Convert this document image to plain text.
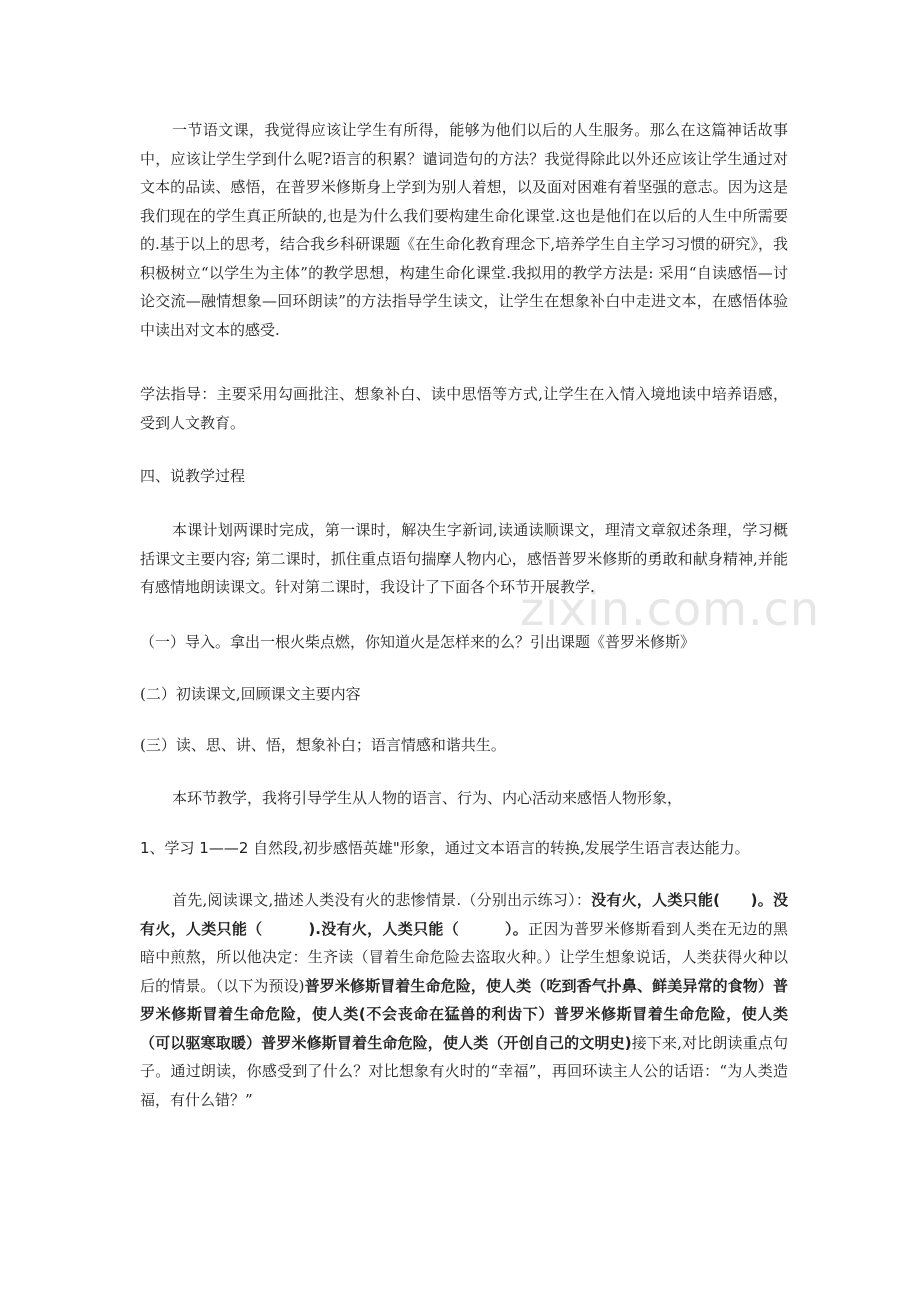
zixin.com.cn

一节语文课，我觉得应该让学生有所得，能够为他们以后的人生服务。那么在这篇神话故事中，应该让学生学到什么呢?语言的积累？谴词造句的方法？我觉得除此以外还应该让学生通过对文本的品读、感悟，在普罗米修斯身上学到为别人着想，以及面对困难有着坚强的意志。因为这是我们现在的学生真正所缺的,也是为什么我们要构建生命化课堂.这也是他们在以后的人生中所需要的.基于以上的思考，结合我乡科研课题《在生命化教育理念下,培养学生自主学习习惯的研究》，我积极树立“以学生为主体”的教学思想，构建生命化课堂.我拟用的教学方法是: 采用“自读感悟—讨论交流—融情想象—回环朗读”的方法指导学生读文，让学生在想象补白中走进文本，在感悟体验中读出对文本的感受.

学法指导：主要采用勾画批注、想象补白、读中思悟等方式,让学生在入情入境地读中培养语感，受到人文教育。

四、说教学过程

本课计划两课时完成，第一课时，解决生字新词,读通读顺课文，理清文章叙述条理，学习概括课文主要内容; 第二课时，抓住重点语句揣摩人物内心，感悟普罗米修斯的勇敢和献身精神,并能有感情地朗读课文。针对第二课时，我设计了下面各个环节开展教学.

（一）导入。拿出一根火柴点燃，你知道火是怎样来的么？引出课题《普罗米修斯》

(二）初读课文,回顾课文主要内容

(三）读、思、讲、悟，想象补白；语言情感和谐共生。

本环节教学，我将引导学生从人物的语言、行为、内心活动来感悟人物形象，

1、学习 1——2 自然段,初步感悟英雄"形象，通过文本语言的转换,发展学生语言表达能力。

首先,阅读课文,描述人类没有火的悲惨情景.（分别出示练习）：没有火，人类只能(　　)。没有火，人类只能（　　　).没有火，人类只能（　　　）。正因为普罗米修斯看到人类在无边的黑暗中煎熬，所以他决定：生齐读（冒着生命危险去盗取火种。）让学生想象说话，人类获得火种以后的情景。（以下为预设)普罗米修斯冒着生命危险，使人类（吃到香气扑鼻、鲜美异常的食物）普罗米修斯冒着生命危险，使人类(不会丧命在猛兽的利齿下）普罗米修斯冒着生命危险，使人类（可以驱寒取暖）普罗米修斯冒着生命危险，使人类（开创自己的文明史)接下来,对比朗读重点句子。通过朗读，你感受到了什么？对比想象有火时的“幸福”，再回环读主人公的话语：“为人类造福，有什么错？”
